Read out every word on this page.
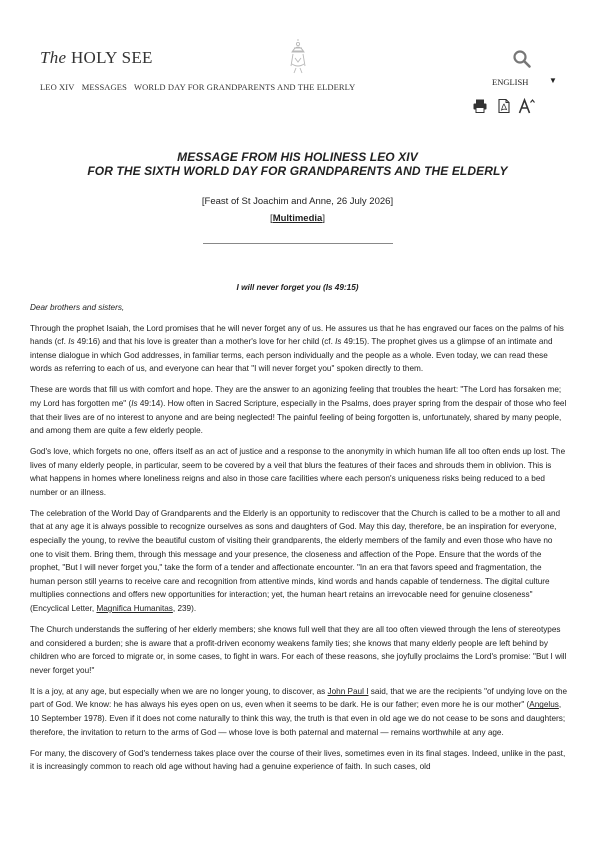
The HOLY SEE
LEO XIV MESSAGES WORLD DAY FOR GRANDPARENTS AND THE ELDERLY	ENGLISH	▼
MESSAGE FROM HIS HOLINESS LEO XIV
FOR THE SIXTH WORLD DAY FOR GRANDPARENTS AND THE ELDERLY
[Feast of St Joachim and Anne, 26 July 2026]
[Multimedia]
I will never forget you (Is 49:15)

Dear brothers and sisters,

Through the prophet Isaiah, the Lord promises that he will never forget any of us. He assures us that he has engraved our faces on the palms of his hands (cf. Is 49:16) and that his love is greater than a mother's love for her child (cf. Is 49:15). The prophet gives us a glimpse of an intimate and intense dialogue in which God addresses, in familiar terms, each person individually and the people as a whole. Even today, we can read these words as referring to each of us, and everyone can hear that "I will never forget you" spoken directly to them.

These are words that fill us with comfort and hope. They are the answer to an agonizing feeling that troubles the heart: "The Lord has forsaken me; my Lord has forgotten me" (Is 49:14). How often in Sacred Scripture, especially in the Psalms, does prayer spring from the despair of those who feel that their lives are of no interest to anyone and are being neglected! The painful feeling of being forgotten is, unfortunately, shared by many people, and among them are quite a few elderly people.

God's love, which forgets no one, offers itself as an act of justice and a response to the anonymity in which human life all too often ends up lost. The lives of many elderly people, in particular, seem to be covered by a veil that blurs the features of their faces and shrouds them in oblivion. This is what happens in homes where loneliness reigns and also in those care facilities where each person's uniqueness risks being reduced to a bed number or an illness.

The celebration of the World Day of Grandparents and the Elderly is an opportunity to rediscover that the Church is called to be a mother to all and that at any age it is always possible to recognize ourselves as sons and daughters of God. May this day, therefore, be an inspiration for everyone, especially the young, to revive the beautiful custom of visiting their grandparents, the elderly members of the family and even those who have no one to visit them. Bring them, through this message and your presence, the closeness and affection of the Pope. Ensure that the words of the prophet, "But I will never forget you," take the form of a tender and affectionate encounter. "In an era that favors speed and fragmentation, the human person still yearns to receive care and recognition from attentive minds, kind words and hands capable of tenderness. The digital culture multiplies connections and offers new opportunities for interaction; yet, the human heart retains an irrevocable need for genuine closeness" (Encyclical Letter, Magnifica Humanitas, 239).

The Church understands the suffering of her elderly members; she knows full well that they are all too often viewed through the lens of stereotypes and considered a burden; she is aware that a profit-driven economy weakens family ties; she knows that many elderly people are left behind by children who are forced to migrate or, in some cases, to fight in wars. For each of these reasons, she joyfully proclaims the Lord's promise: "But I will never forget you!"

It is a joy, at any age, but especially when we are no longer young, to discover, as John Paul I said, that we are the recipients "of undying love on the part of God. We know: he has always his eyes open on us, even when it seems to be dark. He is our father; even more he is our mother" (Angelus, 10 September 1978). Even if it does not come naturally to think this way, the truth is that even in old age we do not cease to be sons and daughters; therefore, the invitation to return to the arms of God — whose love is both paternal and maternal — remains worthwhile at any age.

For many, the discovery of God's tenderness takes place over the course of their lives, sometimes even in its final stages. Indeed, unlike in the past, it is increasingly common to reach old age without having had a genuine experience of faith. In such cases, old
